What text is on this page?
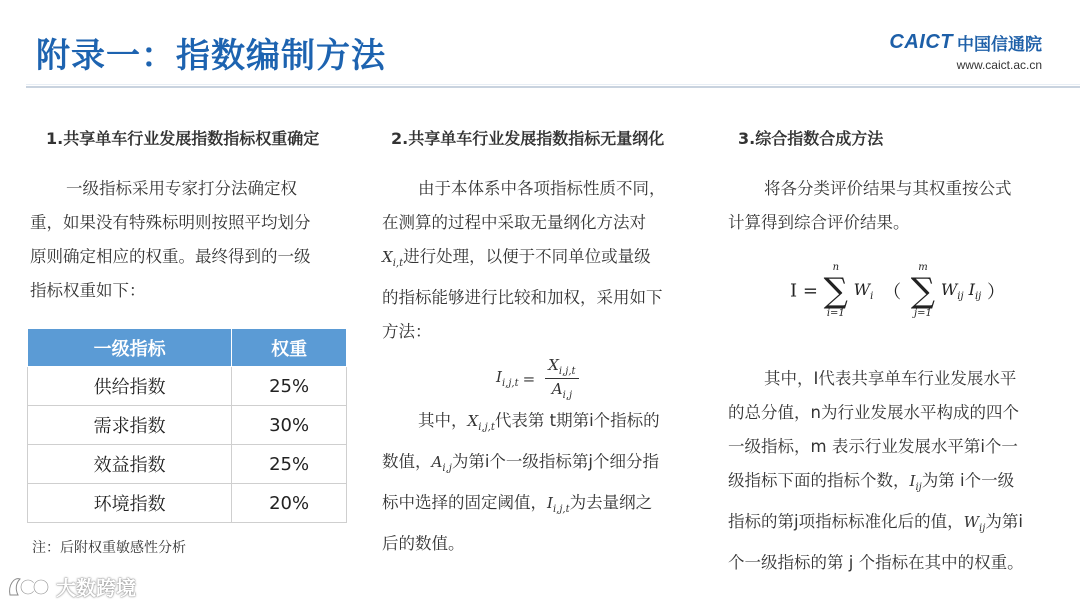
附录一：指数编制方法	CAICT 中国信通院
www.caict.ac.cn
1.共享单车行业发展指数指标权重确定
一级指标采用专家打分法确定权
重，如果没有特殊标明则按照平均划分
原则确定相应的权重。最终得到的一级
指标权重如下：
一级指标	权重
供给指数	25%
需求指数	30%
效益指数	25%
环境指数	20%
注：后附权重敏感性分析
2.共享单车行业发展指数指标无量纲化
由于本体系中各项指标性质不同，
在测算的过程中采取无量纲化方法对
$X_{i,t}$进行处理，以便于不同单位或量级
的指标能够进行比较和加权，采用如下
方法：
$I_{i,j,t} = \frac{X_{i,j,t}}{A_{i,j}}$
其中，$X_{i,j,t}$代表第 t期第i个指标的
数值，$A_{i,j}$为第i个一级指标第j个细分指
标中选择的固定阈值，$I_{i,j,t}$为去量纲之
后的数值。
3.综合指数合成方法
将各分类评价结果与其权重按公式
计算得到综合评价结果。
I =
n
∑
i=1
$W_i$ （
m
∑
j=1
$W_{ij}$ $I_{ij}$ ）
其中，I代表共享单车行业发展水平
的总分值，n为行业发展水平构成的四个
一级指标，m 表示行业发展水平第i个一
级指标下面的指标个数，$I_{ij}$为第 i个一级
指标的第j项指标标准化后的值，$W_{ij}$为第i
个一级指标的第 j 个指标在其中的权重。
大数跨境
